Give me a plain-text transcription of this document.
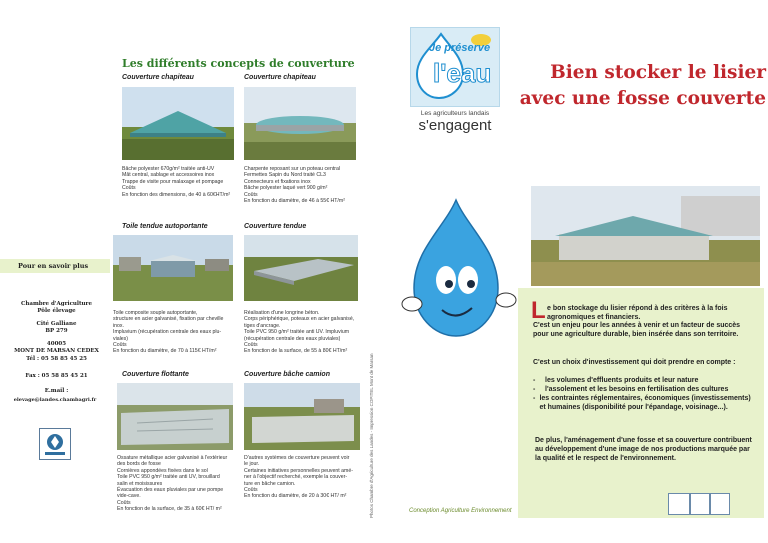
Les différents concepts de couverture
Couverture chapiteau	Couverture chapiteau
Bâche polyester 670g/m² traitée anti-UV
Mât central, sablage et accessoires inox
Trappe de visite pour malaxage et pompage
Coûts
En fonction des dimensions, de 40 à 60€HT/m²
Charpente reposant sur un poteau central
Fermettes Sapin du Nord traité CL3
Connecteurs et fixations inox
Bâche polyester laqué vert 900 g/m²
Coûts
En fonction du diamètre, de 46 à 55€ HT/m²
Toile tendue autoportante	Couverture tendue
Toile composite souple autoportante,
structure en acier galvanisé, fixation par cheville
inox.
Impluvium (récupération centrale des eaux plu-
viales)
Coûts
En fonction du diamètre, de 70 à 115€ HT/m²
Réalisation d'une longrine béton.
Corps périphérique, poteaux en acier galvanisé,
tiges d'ancrage.
Toile PVC 950 g/m² traitée anti UV. Impluvium
(récupération centrale des eaux pluviales)
Coûts
En fonction de la surface, de 55 à 80€ HT/m²
Couverture flottante	Couverture bâche camion
Ossature métallique acier galvanisé à l'extérieur
des bords de fosse
Cornières appondées fixées dans le sol
Toile PVC 950 g/m² traitée anti UV, brouillard
salin et moisissures
Évacuation des eaux pluviales par une pompe
vide-cave.
Coûts
En fonction de la surface, de 35 à 60€ HT/ m²
D'autres systèmes de couverture peuvent voir
le jour.
Certaines initiatives personnelles peuvent amé-
ner à l'objectif recherché, exemple la couver-
ture en bâche camion.
Coûts
En fonction du diamètre, de 20 à 30€ HT/ m²	Photos Chambre d'Agriculture des Landes - Impression COPITEL Mont de Marsan
Pour en savoir plus
Chambre d'Agriculture
Pôle élevage
Cité Galliane
BP 279
40005
MONT DE MARSAN CEDEX
Tél : 05 58 85 45 25
Fax : 05 58 85 45 21
E.mail :
elevage@landes.chambagri.fr
Je préserve
l'eau
Les agriculteurs landais
s'engagent
Bien stocker le lisier
avec une fosse couverte
L e bon stockage du lisier répond à des critères à la fois agronomiques et financiers.
C'est un enjeu pour les années à venir et un facteur de succès pour une agriculture durable, bien insérée dans son territoire.
C'est un choix d'investissement qui doit prendre en compte :
-	les volumes d'effluents produits et leur nature
-	l'assolement et les besoins en fertilisation des cultures
- les contraintes réglementaires, économiques (investissements) et humaines (disponibilité pour l'épandage, voisinage...).
De plus, l'aménagement d'une fosse et sa couverture contribuent au développement d'une image de nos productions marquée par la qualité et le respect de l'environnement.
Conception Agriculture Environnement
